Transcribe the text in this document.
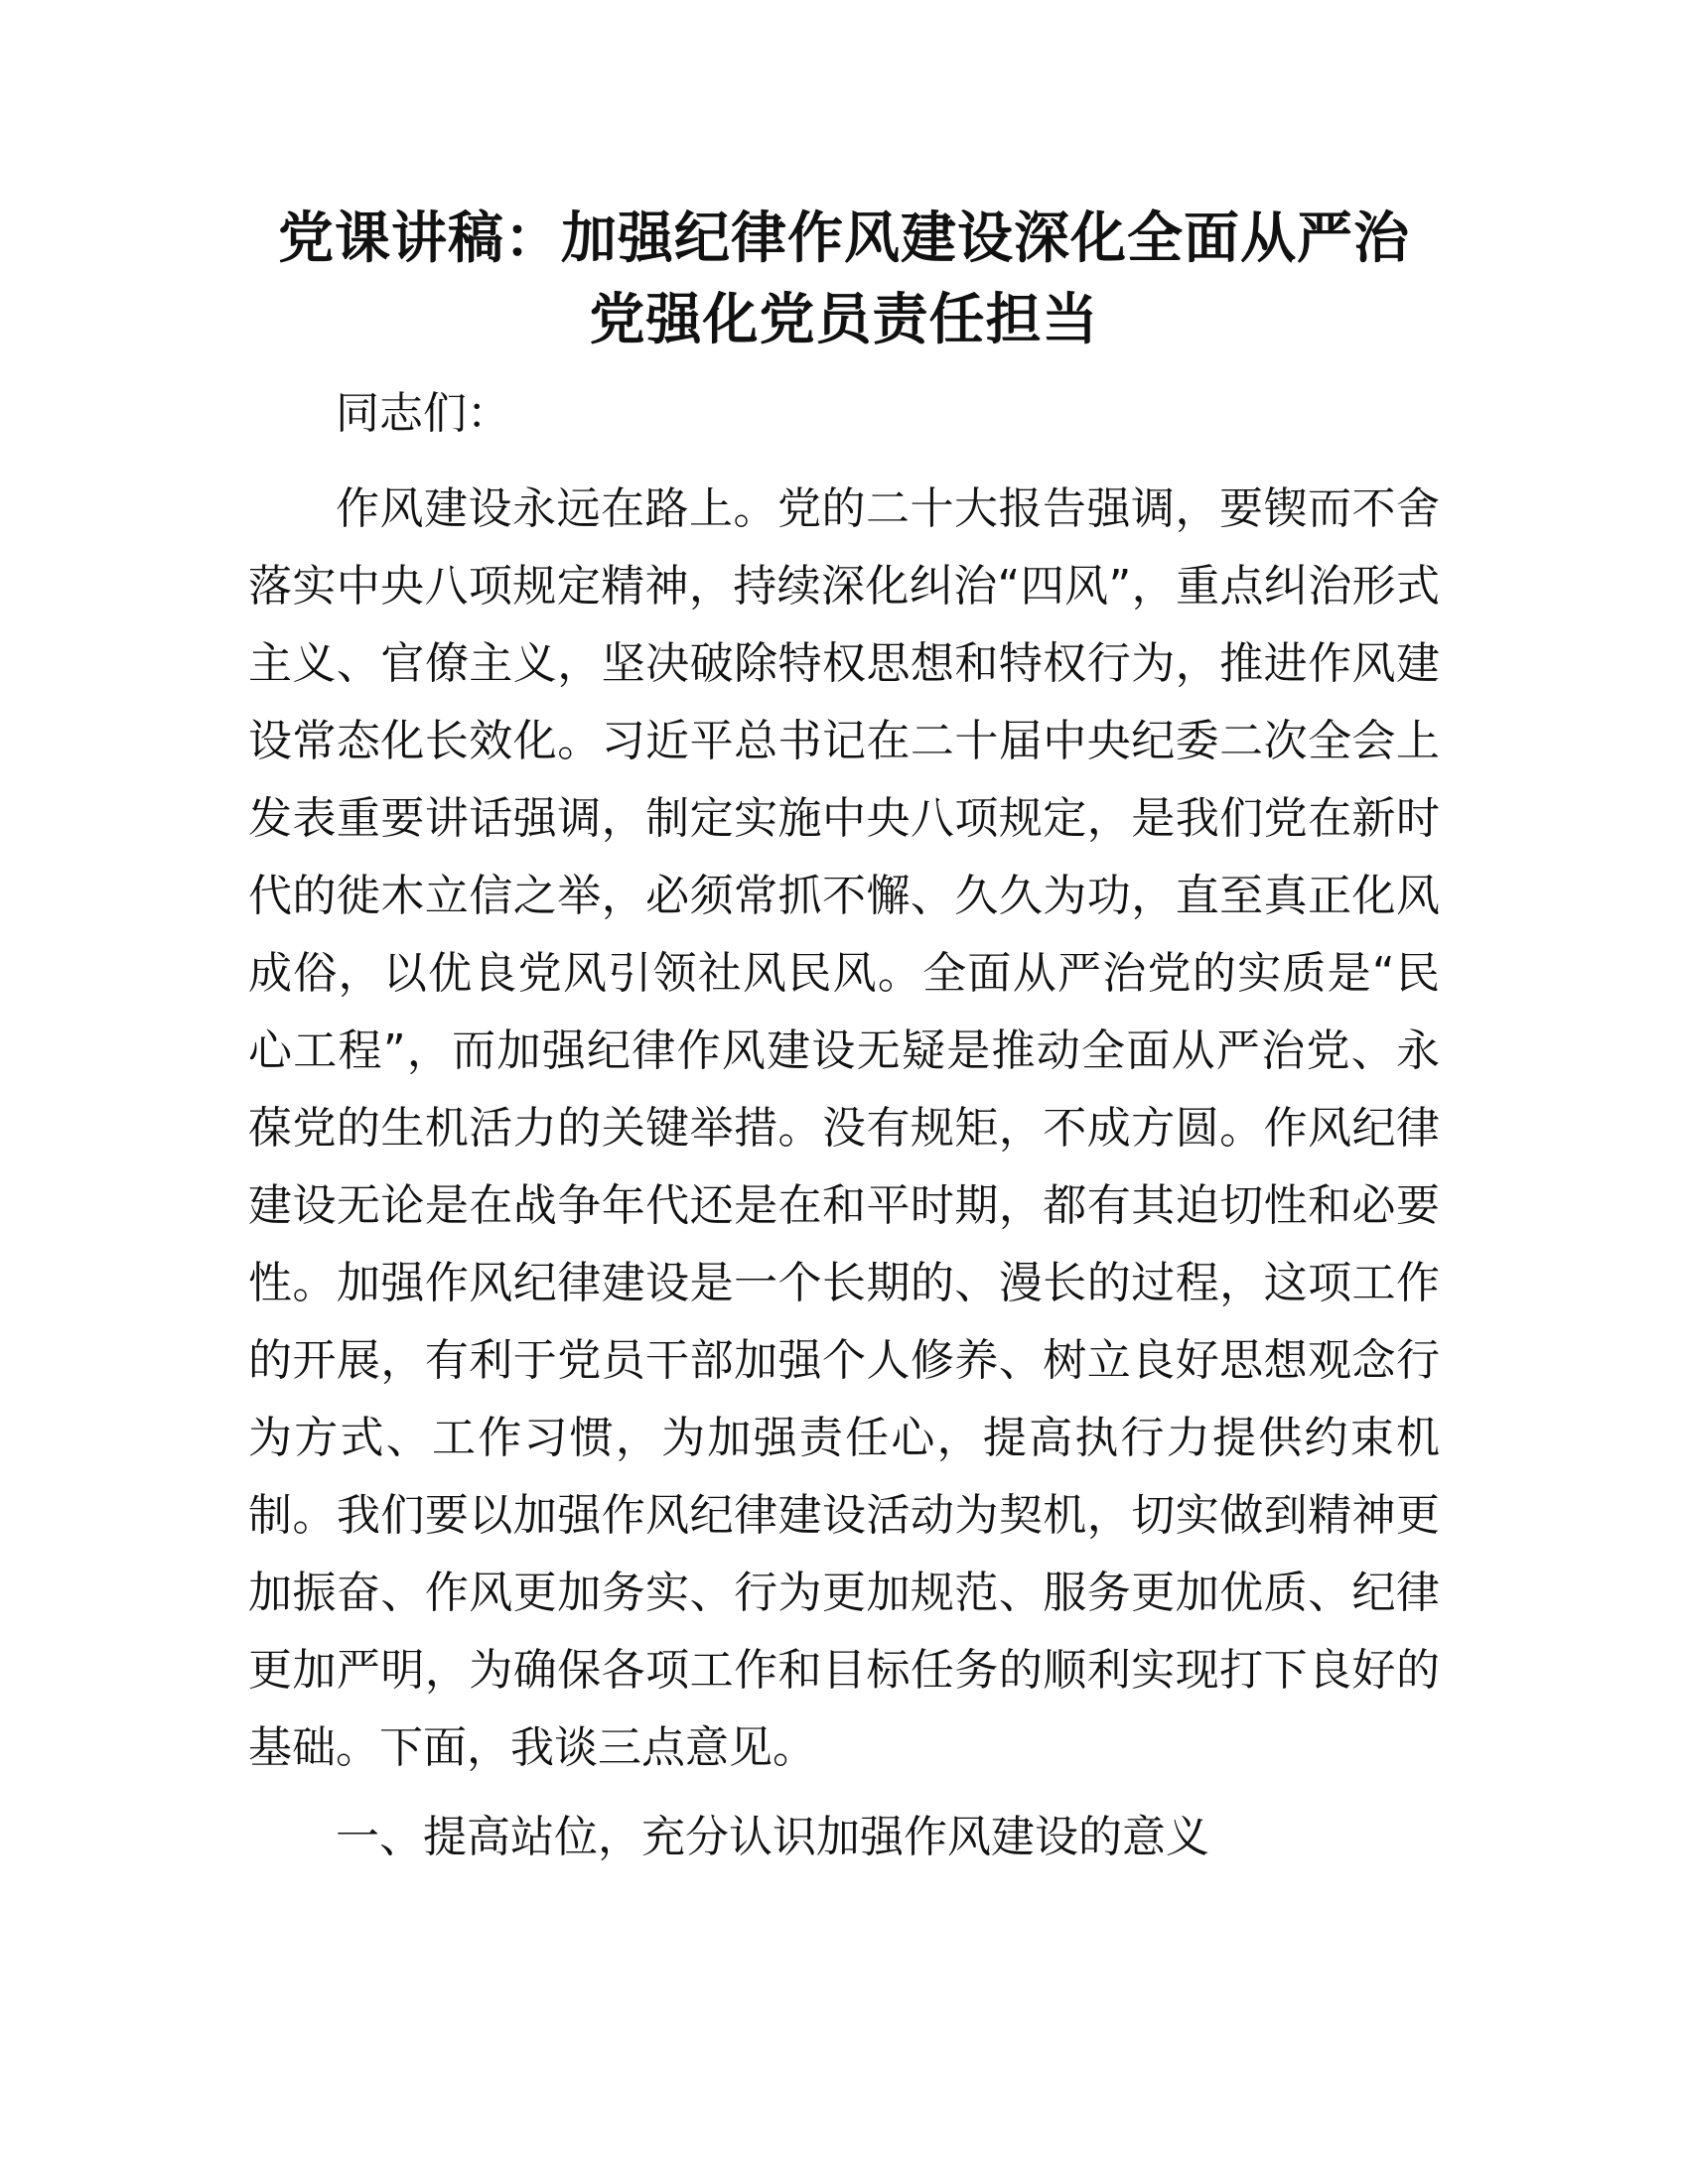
党课讲稿：加强纪律作风建设深化全面从严治
党强化党员责任担当
同志们：
作风建设永远在路上。党的二十大报告强调，要锲而不舍落实中央八项规定精神，持续深化纠治“四风”，重点纠治形式主义、官僚主义，坚决破除特权思想和特权行为，推进作风建设常态化长效化。习近平总书记在二十届中央纪委二次全会上发表重要讲话强调，制定实施中央八项规定，是我们党在新时代的徙木立信之举，必须常抓不懈、久久为功，直至真正化风成俗，以优良党风引领社风民风。全面从严治党的实质是“民心工程”，而加强纪律作风建设无疑是推动全面从严治党、永葆党的生机活力的关键举措。没有规矩，不成方圆。作风纪律建设无论是在战争年代还是在和平时期，都有其迫切性和必要性。加强作风纪律建设是一个长期的、漫长的过程，这项工作的开展，有利于党员干部加强个人修养、树立良好思想观念行为方式、工作习惯，为加强责任心，提高执行力提供约束机制。我们要以加强作风纪律建设活动为契机，切实做到精神更加振奋、作风更加务实、行为更加规范、服务更加优质、纪律更加严明，为确保各项工作和目标任务的顺利实现打下良好的基础。下面，我谈三点意见。
一、提高站位，充分认识加强作风建设的意义
